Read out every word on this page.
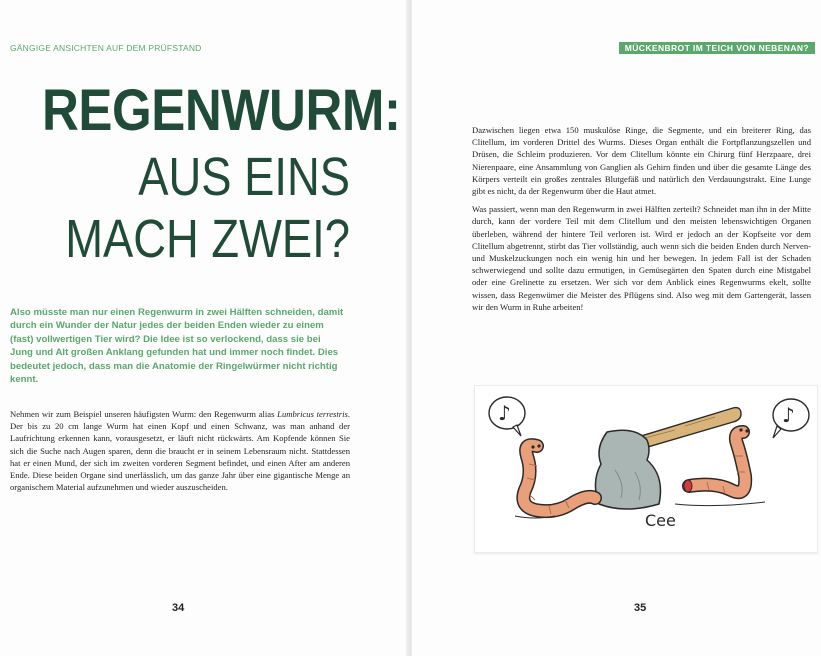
GÄNGIGE ANSICHTEN AUF DEM PRÜFSTAND
REGENWURM:
AUS EINS
MACH ZWEI?
Also müsste man nur einen Regenwurm in zwei Hälften schneiden, damit durch ein Wunder der Natur jedes der beiden Enden wieder zu einem (fast) vollwertigen Tier wird? Die Idee ist so verlockend, dass sie bei Jung und Alt großen Anklang gefunden hat und immer noch findet. Dies bedeutet jedoch, dass man die Anatomie der Ringelwürmer nicht richtig kennt.

Nehmen wir zum Beispiel unseren häufigsten Wurm: den Regenwurm alias Lumbricus terrestris. Der bis zu 20 cm lange Wurm hat einen Kopf und einen Schwanz, was man anhand der Laufrichtung erkennen kann, vorausgesetzt, er läuft nicht rückwärts. Am Kopfende können Sie sich die Suche nach Augen sparen, denn die braucht er in seinem Lebensraum nicht. Stattdessen hat er einen Mund, der sich im zweiten vorderen Segment befindet, und einen After am anderen Ende. Diese beiden Organe sind unerlässlich, um das ganze Jahr über eine gigantische Menge an organischem Material aufzunehmen und wieder auszuscheiden.

34
MÜCKENBROT IM TEICH VON NEBENAN?
35

Dazwischen liegen etwa 150 muskulöse Ringe, die Segmente, und ein breiterer Ring, das Clitellum, im vorderen Drittel des Wurms. Dieses Organ enthält die Fortpflanzungszellen und Drüsen, die Schleim produzieren. Vor dem Clitellum könnte ein Chirurg fünf Herzpaare, drei Nierenpaare, eine Ansammlung von Ganglien als Gehirn finden und über die gesamte Länge des Körpers verteilt ein großes zentrales Blutgefäß und natürlich den Verdauungstrakt. Eine Lunge gibt es nicht, da der Regenwurm über die Haut atmet.

Was passiert, wenn man den Regenwurm in zwei Hälften zerteilt? Schneidet man ihn in der Mitte durch, kann der vordere Teil mit dem Clitellum und den meisten lebenswichtigen Organen überleben, während der hintere Teil verloren ist. Wird er jedoch an der Kopfseite vor dem Clitellum abgetrennt, stirbt das Tier vollständig, auch wenn sich die beiden Enden durch Nerven- und Muskelzuckungen noch ein wenig hin und her bewegen. In jedem Fall ist der Schaden schwerwiegend und sollte dazu ermutigen, in Gemüsegärten den Spaten durch eine Mistgabel oder eine Grelinette zu ersetzen. Wer sich vor dem Anblick eines Regenwurms ekelt, sollte wissen, dass Regenwümer die Meister des Pflügens sind. Also weg mit dem Gartengerät, lassen wir den Wurm in Ruhe arbeiten!

♪	♪
Cee
